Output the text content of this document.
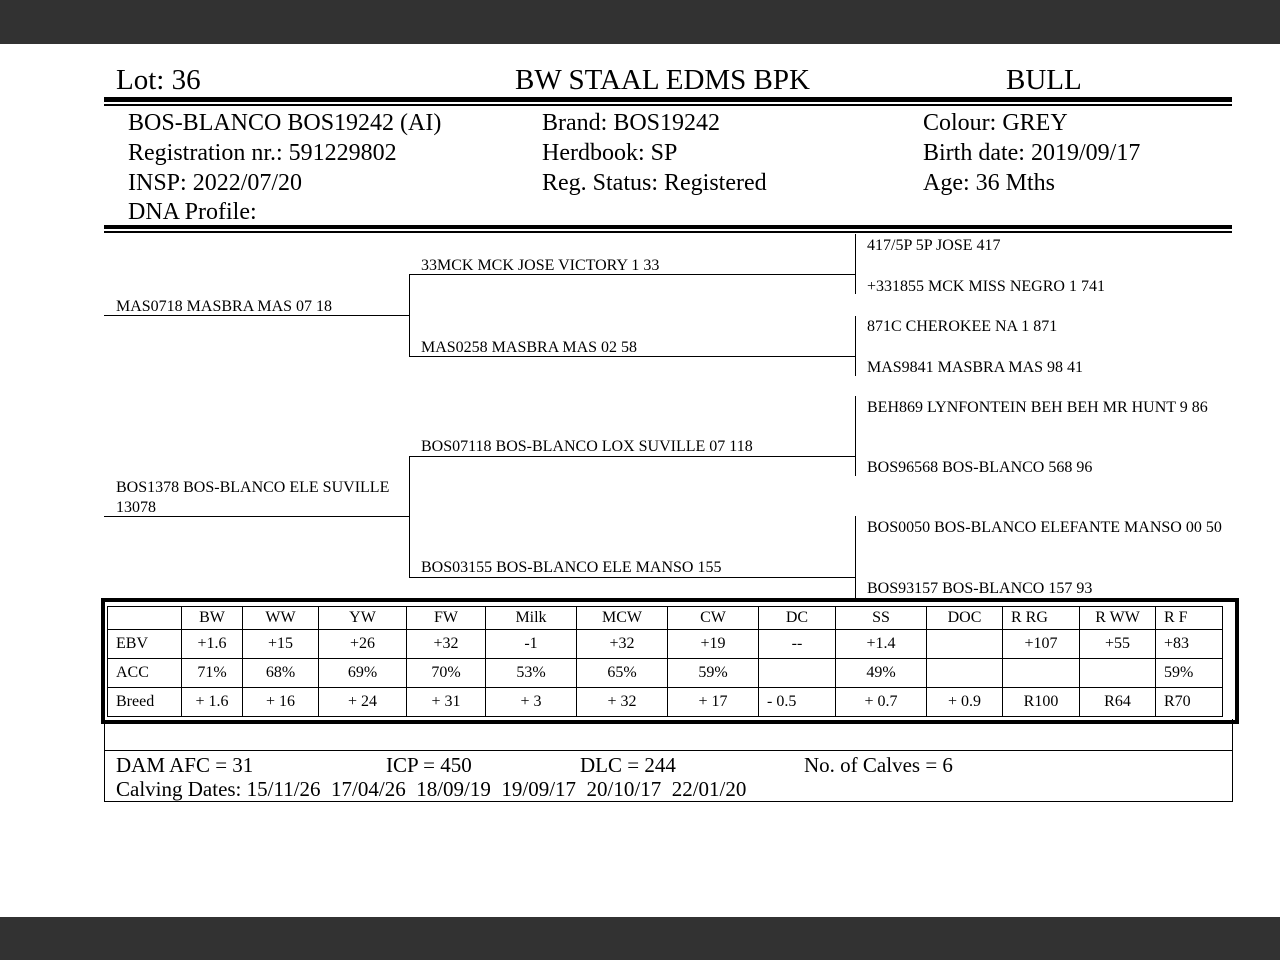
Lot: 36	BW STAAL EDMS BPK	BULL
BOS-BLANCO BOS19242 (AI)
Registration nr.: 591229802
INSP: 2022/07/20
DNA Profile:
Brand: BOS19242
Herdbook: SP
Reg. Status: Registered
Colour: GREY
Birth date: 2019/09/17
Age: 36 Mths
MAS0718 MASBRA MAS 07 18
BOS1378 BOS-BLANCO ELE SUVILLE 13078
33MCK MCK JOSE VICTORY 1 33
MAS0258 MASBRA MAS 02 58
BOS07118 BOS-BLANCO LOX SUVILLE 07 118
BOS03155 BOS-BLANCO ELE MANSO 155
417/5P 5P JOSE 417
+331855 MCK MISS NEGRO 1 741
871C CHEROKEE NA 1 871
MAS9841 MASBRA MAS 98 41
BEH869 LYNFONTEIN BEH BEH MR HUNT 9 86
BOS96568 BOS-BLANCO 568 96
BOS0050 BOS-BLANCO ELEFANTE MANSO 00 50
BOS93157 BOS-BLANCO 157 93
	BW	WW	YW	FW	Milk	MCW	CW	DC	SS	DOC	R RG	R WW	R F
EBV	+1.6	+15	+26	+32	-1	+32	+19	--	+1.4		+107	+55	+83
ACC	71%	68%	69%	70%	53%	65%	59%		49%				59%
Breed	+ 1.6	+ 16	+ 24	+ 31	+ 3	+ 32	+ 17	- 0.5	+ 0.7	+ 0.9	R100	R64	R70
DAM AFC = 31	ICP = 450	DLC = 244	No. of Calves = 6
Calving Dates: 15/11/26  17/04/26  18/09/19  19/09/17  20/10/17  22/01/20
